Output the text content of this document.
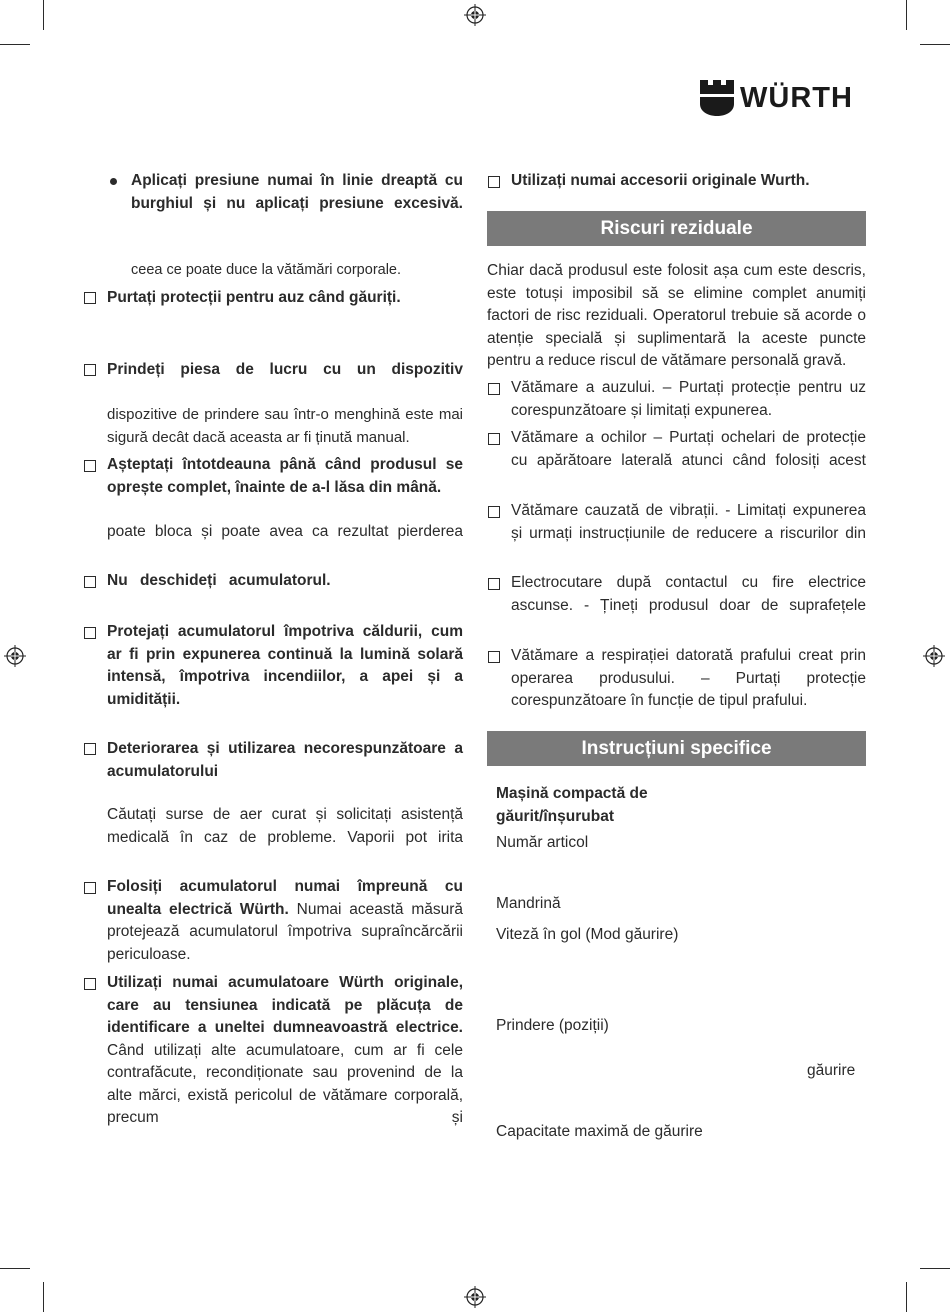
WÜRTH
Aplicați presiune numai în linie dreaptă cu burghiul și nu aplicați presiune excesivă.
ceea ce poate duce la vătămări corporale.
Purtați protecții pentru auz când găuriți.
Prindeți piesa de lucru cu un dispozitiv
dispozitive de prindere sau într-o menghină este mai sigură decât dacă aceasta ar fi ținută manual.
Așteptați întotdeauna până când produsul se oprește complet, înainte de a-l lăsa din mână.
poate bloca și poate avea ca rezultat pierderea
Nu deschideți acumulatorul.
Protejați acumulatorul împotriva căldurii, cum ar fi prin expunerea continuă la lumină solară intensă, împotriva incendiilor, a apei și a umidității.
Deteriorarea și utilizarea necorespunzătoare a acumulatorului
Căutați surse de aer curat și solicitați asistență medicală în caz de probleme. Vaporii pot irita
Folosiți acumulatorul numai împreună cu unealta electrică Würth. Numai această măsură protejează acumulatorul împotriva supraîncărcării periculoase.
Utilizați numai acumulatoare Würth originale, care au tensiunea indicată pe plăcuța de identificare a uneltei dumneavoastră electrice. Când utilizați alte acumulatoare, cum ar fi cele contrafăcute, recondiționate sau provenind de la alte mărci, există pericolul de vătămare corporală, precum și
Utilizați numai accesorii originale Wurth.
Riscuri reziduale
Chiar dacă produsul este folosit așa cum este descris, este totuși imposibil să se elimine complet anumiți factori de risc reziduali. Operatorul trebuie să acorde o atenție specială și suplimentară la aceste puncte pentru a reduce riscul de vătămare personală gravă.
Vătămare a auzului. – Purtați protecție pentru uz corespunzătoare și limitați expunerea.
Vătămare a ochilor – Purtați ochelari de protecție cu apărătoare laterală atunci când folosiți acest
Vătămare cauzată de vibrații. - Limitați expunerea și urmați instrucțiunile de reducere a riscurilor din
Electrocutare după contactul cu fire electrice ascunse. - Țineți produsul doar de suprafețele
Vătămare a respirației datorată prafului creat prin operarea produsului. – Purtați protecție corespunzătoare în funcție de tipul prafului.
Instrucțiuni specifice
Mașină compactă de găurit/înșurubat
Număr articol
Mandrină
Viteză în gol (Mod găurire)
Prindere (poziții)
găurire
Capacitate maximă de găurire
